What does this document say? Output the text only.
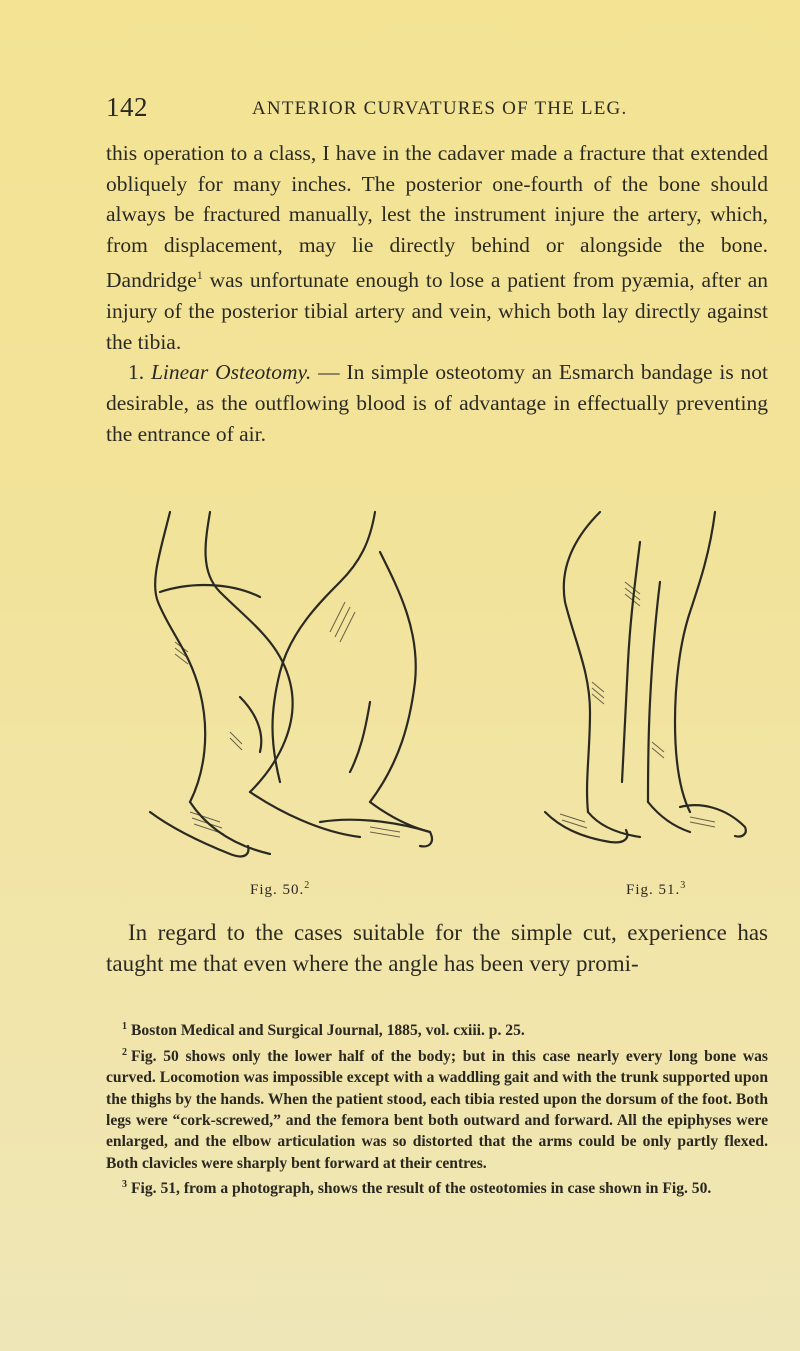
142	ANTERIOR CURVATURES OF THE LEG.

this operation to a class, I have in the cadaver made a fracture that extended obliquely for many inches. The posterior one-fourth of the bone should always be fractured manually, lest the instrument injure the artery, which, from displacement, may lie directly behind or alongside the bone. Dandridge$^1$ was unfortunate enough to lose a patient from pyæmia, after an injury of the posterior tibial artery and vein, which both lay directly against the tibia.

1. Linear Osteotomy. — In simple osteotomy an Esmarch bandage is not desirable, as the outflowing blood is of advantage in effectually preventing the entrance of air.

Fig. 50.$^2$	Fig. 51.$^3$

In regard to the cases suitable for the simple cut, experience has taught me that even where the angle has been very promi-

$^1$ Boston Medical and Surgical Journal, 1885, vol. cxiii. p. 25.

$^2$ Fig. 50 shows only the lower half of the body; but in this case nearly every long bone was curved. Locomotion was impossible except with a waddling gait and with the trunk supported upon the thighs by the hands. When the patient stood, each tibia rested upon the dorsum of the foot. Both legs were “cork-screwed,” and the femora bent both outward and forward. All the epiphyses were enlarged, and the elbow articulation was so distorted that the arms could be only partly flexed. Both clavicles were sharply bent forward at their centres.

$^3$ Fig. 51, from a photograph, shows the result of the osteotomies in case shown in Fig. 50.
